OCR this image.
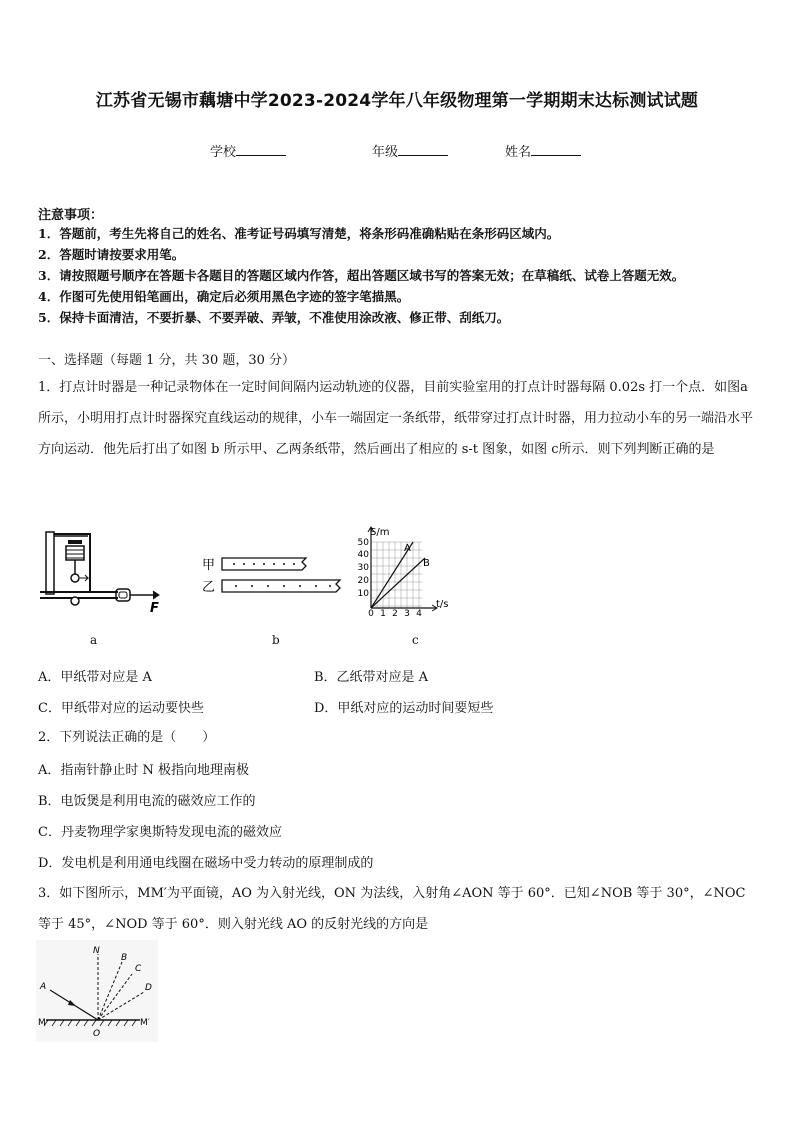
江苏省无锡市藕塘中学2023-2024学年八年级物理第一学期期末达标测试试题
学校	年级	姓名
注意事项：
1．答题前，考生先将自己的姓名、准考证号码填写清楚，将条形码准确粘贴在条形码区域内。
2．答题时请按要求用笔。
3．请按照题号顺序在答题卡各题目的答题区域内作答，超出答题区域书写的答案无效；在草稿纸、试卷上答题无效。
4．作图可先使用铅笔画出，确定后必须用黑色字迹的签字笔描黑。
5．保持卡面清洁，不要折暴、不要弄破、弄皱，不准使用涂改液、修正带、刮纸刀。
一、选择题（每题 1 分，共 30 题，30 分）
1．打点计时器是一种记录物体在一定时间间隔内运动轨迹的仪器，目前实验室用的打点计时器每隔 0.02s 打一个点．如图a所示，小明用打点计时器探究直线运动的规律，小车一端固定一条纸带，纸带穿过打点计时器，用力拉动小车的另一端沿水平方向运动．他先后打出了如图 b 所示甲、乙两条纸带，然后画出了相应的 s-t 图象，如图 c所示．则下列判断正确的是
F
甲
乙
S/m
t/s
10
20
30
40
50
0 1 2 3 4
A
B
a	b	c
A．甲纸带对应是 A	B．乙纸带对应是 A
C．甲纸带对应的运动要快些	D．甲纸对应的运动时间要短些
2．下列说法正确的是（　　）
A．指南针静止时 N 极指向地理南极
B．电饭煲是利用电流的磁效应工作的
C．丹麦物理学家奥斯特发现电流的磁效应
D．发电机是利用通电线圈在磁场中受力转动的原理制成的
3．如下图所示，MM′为平面镜，AO 为入射光线，ON 为法线，入射角∠AON 等于 60°．已知∠NOB 等于 30°，∠NOC
等于 45°，∠NOD 等于 60°．则入射光线 AO 的反射光线的方向是
N
B
C
D
A
M
O
M′
